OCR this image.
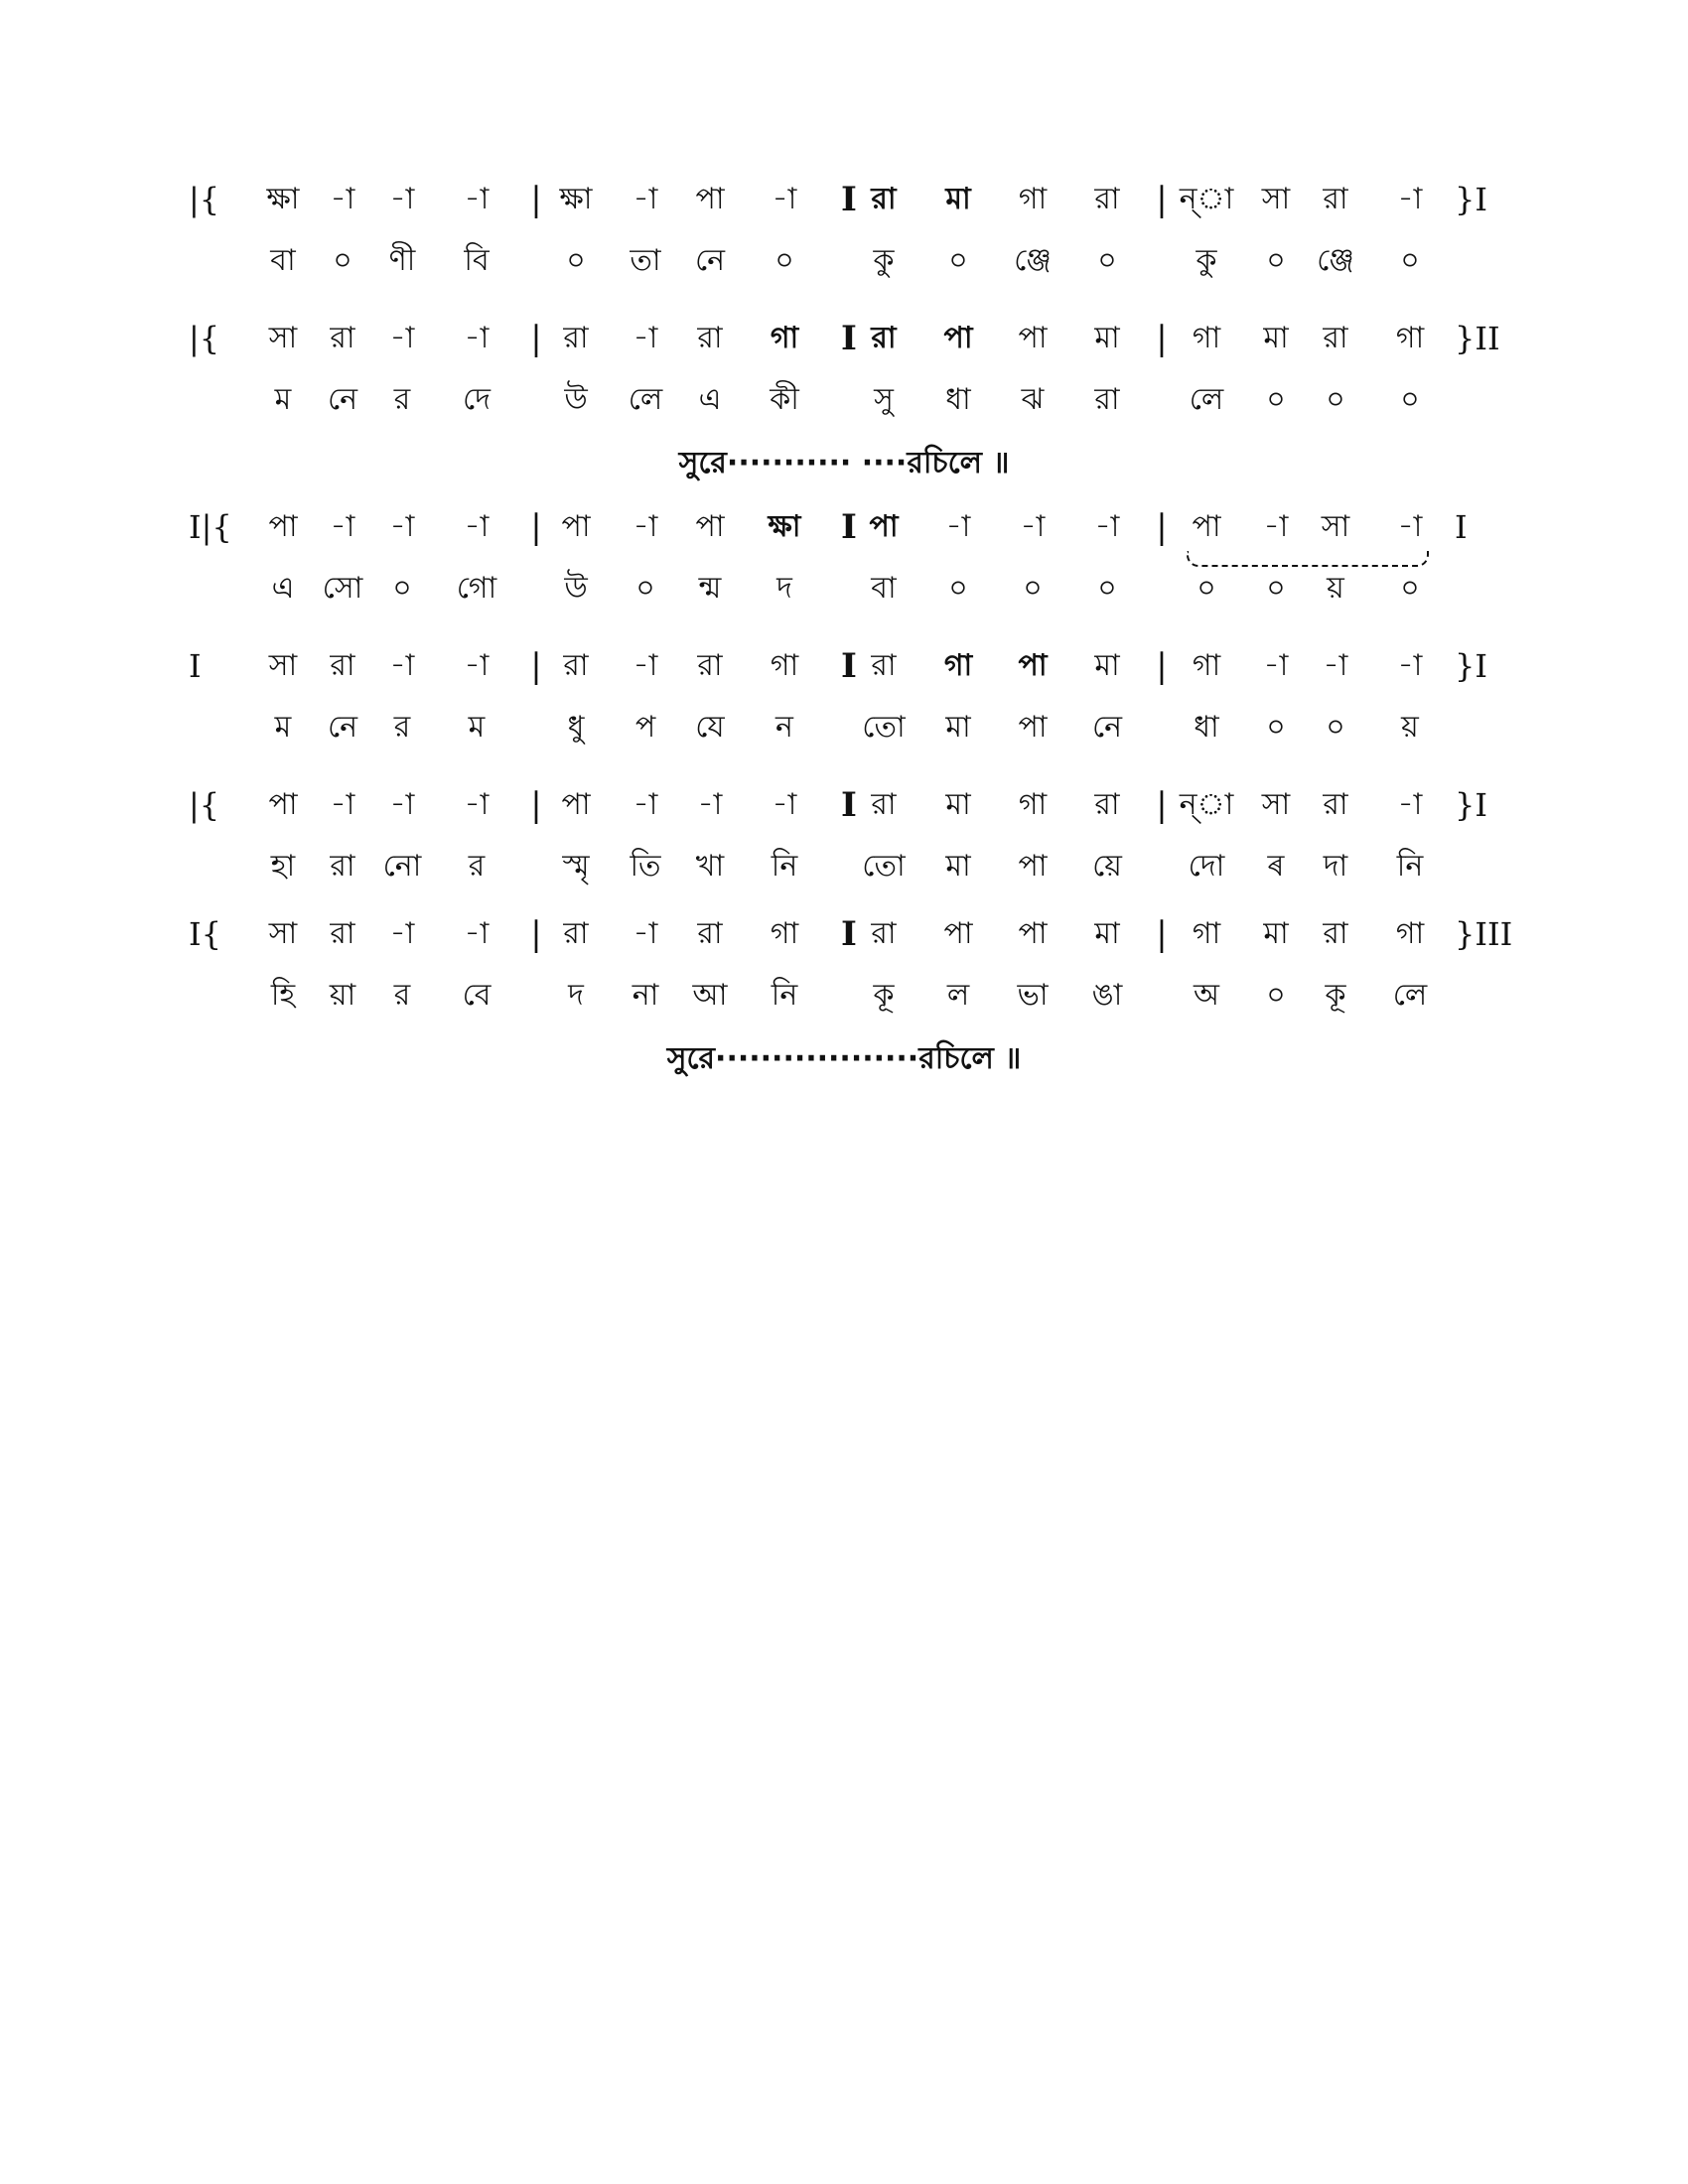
|{ ক্ষা -া -া -া | ক্ষা -া পা -া I রা মা গা রা | ন্‌া সা রা -া }I
বা ০ ণী বি	০ তা নে ০	কু ০ ঞ্জে ০	কু ০ ঞ্জে ০
|{ সা রা -া -া | রা -া রা গা I রা পা পা মা | গা মা রা গা }II
ম নে র দে উ লে এ কী	সু ধা ঝ রা লে ০ ০ ০
সুরে··········· ····রচিলে ॥
I|{ পা -া -া -া | পা -া পা ক্ষা I পা -া -া -া | পা -া সা -া I
এ সো ০ গো উ ০ ন্ম দ	বা ০ ০ ০	০ ০ য় ০
I সা রা -া -া | রা -া রা গা I রা গা পা মা | গা -া -া -া }I
ম নে র ম	ধু প যে ন তো মা পা নে ধা ০ ০ য়
|{ পা -া -া -া | পা -া -া -া I রা মা গা রা | ন্‌া সা রা -া }I
হা রা নো র	স্মৃ তি খা নি তো মা পা য়ে দো ৰ দা নি
I{ সা রা -া -া | রা -া রা গা I রা পা পা মা | গা মা রা গা }III
হি য়া র বে	দ না আ নি	কূ ল ভা ঙা অ ০ কূ লে
সুরে··················রচিলে ॥
